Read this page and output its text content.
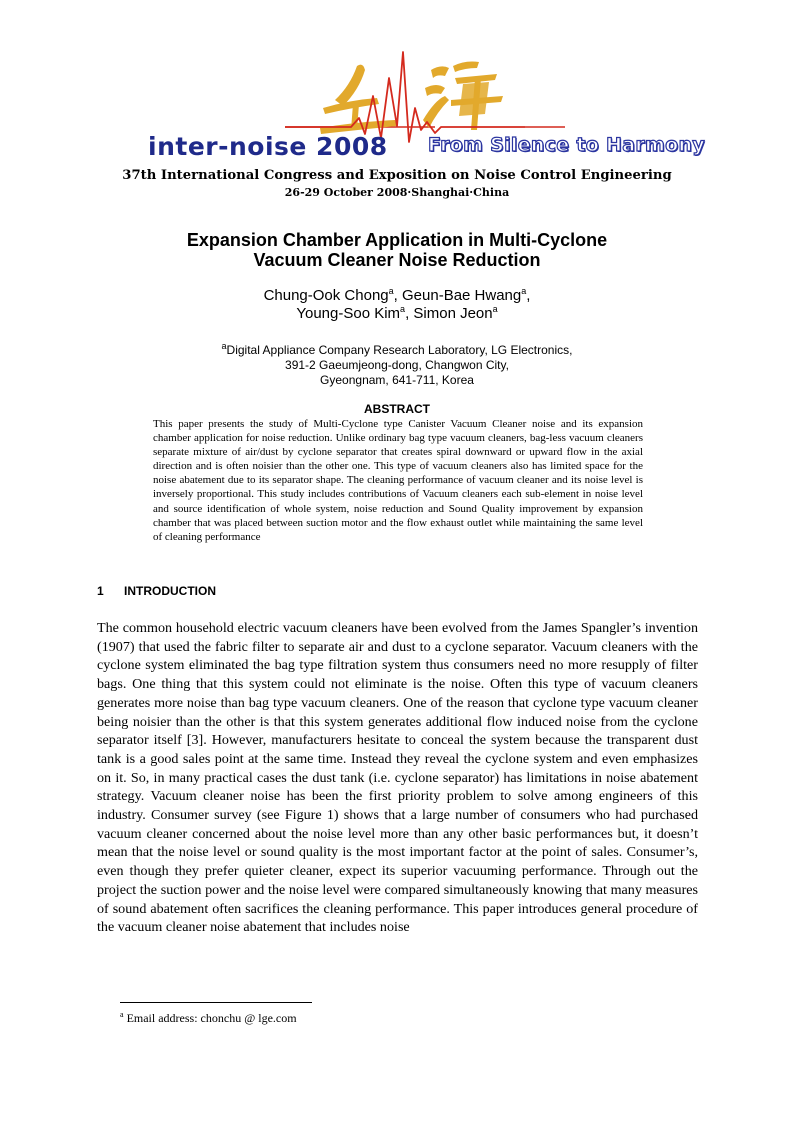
inter-noise 2008 From Silence to Harmony
37th International Congress and Exposition on Noise Control Engineering
26-29 October 2008·Shanghai·China
Expansion Chamber Application in Multi-Cyclone
Vacuum Cleaner Noise Reduction
Chung-Ook Chong$^a$, Geun-Bae Hwang$^a$,
Young-Soo Kim$^a$, Simon Jeon$^a$
$^a$Digital Appliance Company Research Laboratory, LG Electronics,
391-2 Gaeumjeong-dong, Changwon City,
Gyeongnam, 641-711, Korea
ABSTRACT

This paper presents the study of Multi-Cyclone type Canister Vacuum Cleaner noise and its expansion chamber application for noise reduction. Unlike ordinary bag type vacuum cleaners, bag-less vacuum cleaners separate mixture of air/dust by cyclone separator that creates spiral downward or upward flow in the axial direction and is often noisier than the other one. This type of vacuum cleaners also has limited space for the noise abatement due to its separator shape. The cleaning performance of vacuum cleaner and its noise level is inversely proportional. This study includes contributions of Vacuum cleaners each sub-element in noise level and source identification of whole system, noise reduction and Sound Quality improvement by expansion chamber that was placed between suction motor and the flow exhaust outlet while maintaining the same level of cleaning performance

1 INTRODUCTION

The common household electric vacuum cleaners have been evolved from the James Spangler’s invention (1907) that used the fabric filter to separate air and dust to a cyclone separator. Vacuum cleaners with the cyclone system eliminated the bag type filtration system thus consumers need no more resupply of filter bags. One thing that this system could not eliminate is the noise. Often this type of vacuum cleaners generates more noise than bag type vacuum cleaners. One of the reason that cyclone type vacuum cleaner being noisier than the other is that this system generates additional flow induced noise from the cyclone separator itself [3]. However, manufacturers hesitate to conceal the system because the transparent dust tank is a good sales point at the same time. Instead they reveal the cyclone system and even emphasizes on it. So, in many practical cases the dust tank (i.e. cyclone separator) has limitations in noise abatement strategy. Vacuum cleaner noise has been the first priority problem to solve among engineers of this industry. Consumer survey (see Figure 1) shows that a large number of consumers who had purchased vacuum cleaner concerned about the noise level more than any other basic performances but, it doesn’t mean that the noise level or sound quality is the most important factor at the point of sales. Consumer’s, even though they prefer quieter cleaner, expect its superior vacuuming performance. Through out the project the suction power and the noise level were compared simultaneously knowing that many measures of sound abatement often sacrifices the cleaning performance. This paper introduces general procedure of the vacuum cleaner noise abatement that includes noise

$^a$ Email address: chonchu @ lge.com
